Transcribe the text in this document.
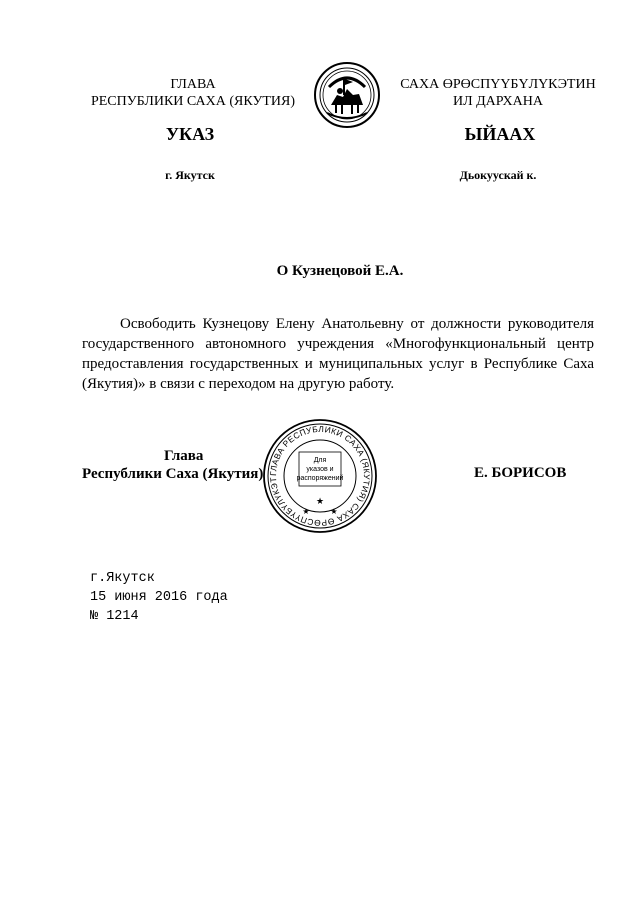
ГЛАВА
РЕСПУБЛИКИ САХА (ЯКУТИЯ)
САХА ӨРӨСПҮҮБҮЛҮКЭТИН
ИЛ ДАРХАНА
УКАЗ	ЫЙААХ
г. Якутск	Дьокуускай к.
О Кузнецовой Е.А.
Освободить Кузнецову Елену Анатольевну от должности руководителя государственного автономного учреждения «Многофункциональный центр предоставления государственных и муниципальных услуг в Республике Саха (Якутия)» в связи с переходом на другую работу.
Глава
Республики Саха (Якутия) ГЛАВА РЕСПУБЛИКИ САХА (ЯКУТИЯ) САХА ӨРӨСПҮҮБҮЛҮКЭТ
Для
указов и
распоряжений
★
★	★
Е. БОРИСОВ
г.Якутск
15 июня 2016 года
№ 1214
